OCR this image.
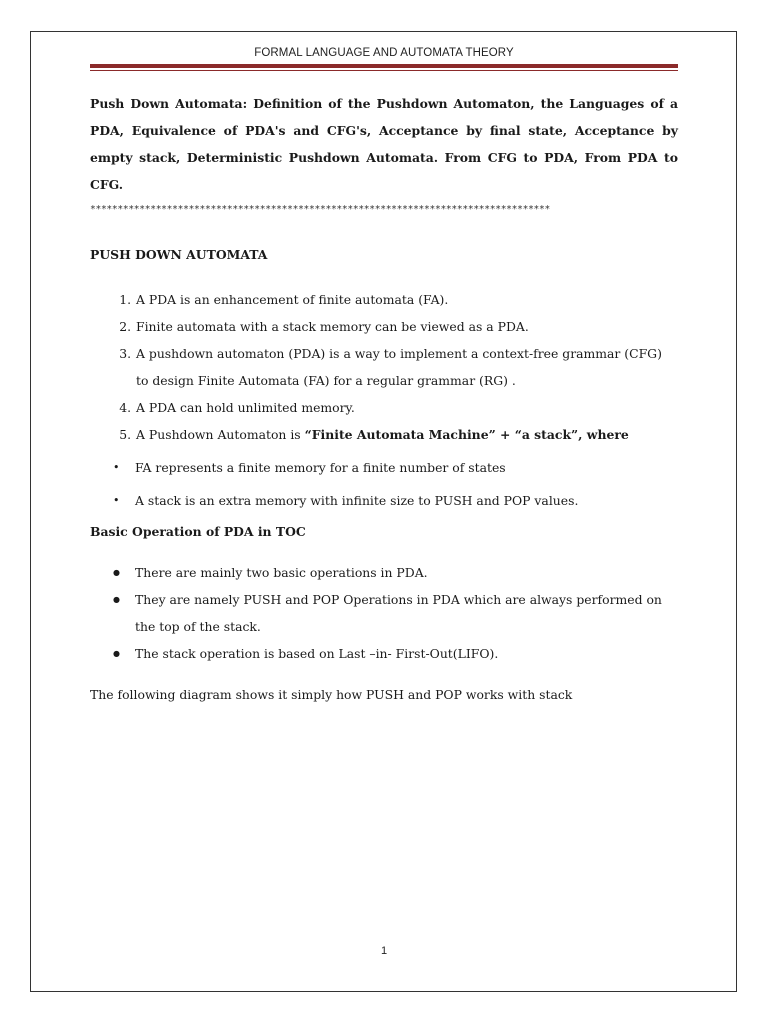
FORMAL LANGUAGE AND AUTOMATA THEORY

Push Down Automata: Definition of the Pushdown Automaton, the Languages of a PDA, Equivalence of PDA's and CFG's, Acceptance by final state, Acceptance by empty stack, Deterministic Pushdown Automata. From CFG to PDA, From PDA to CFG.

************************************************************************************

PUSH DOWN AUTOMATA

1. A PDA is an enhancement of finite automata (FA).
2. Finite automata with a stack memory can be viewed as a PDA.
3. A pushdown automaton (PDA) is a way to implement a context-free grammar (CFG) to design Finite Automata (FA) for a regular grammar (RG) .
4. A PDA can hold unlimited memory.
5. A Pushdown Automaton is “Finite Automata Machine” + “a stack”, where
• FA represents a finite memory for a finite number of states
• A stack is an extra memory with infinite size to PUSH and POP values.

Basic Operation of PDA in TOC

● There are mainly two basic operations in PDA.
● They are namely PUSH and POP Operations in PDA which are always performed on the top of the stack.
● The stack operation is based on Last –in- First-Out(LIFO).

The following diagram shows it simply how PUSH and POP works with stack

1
